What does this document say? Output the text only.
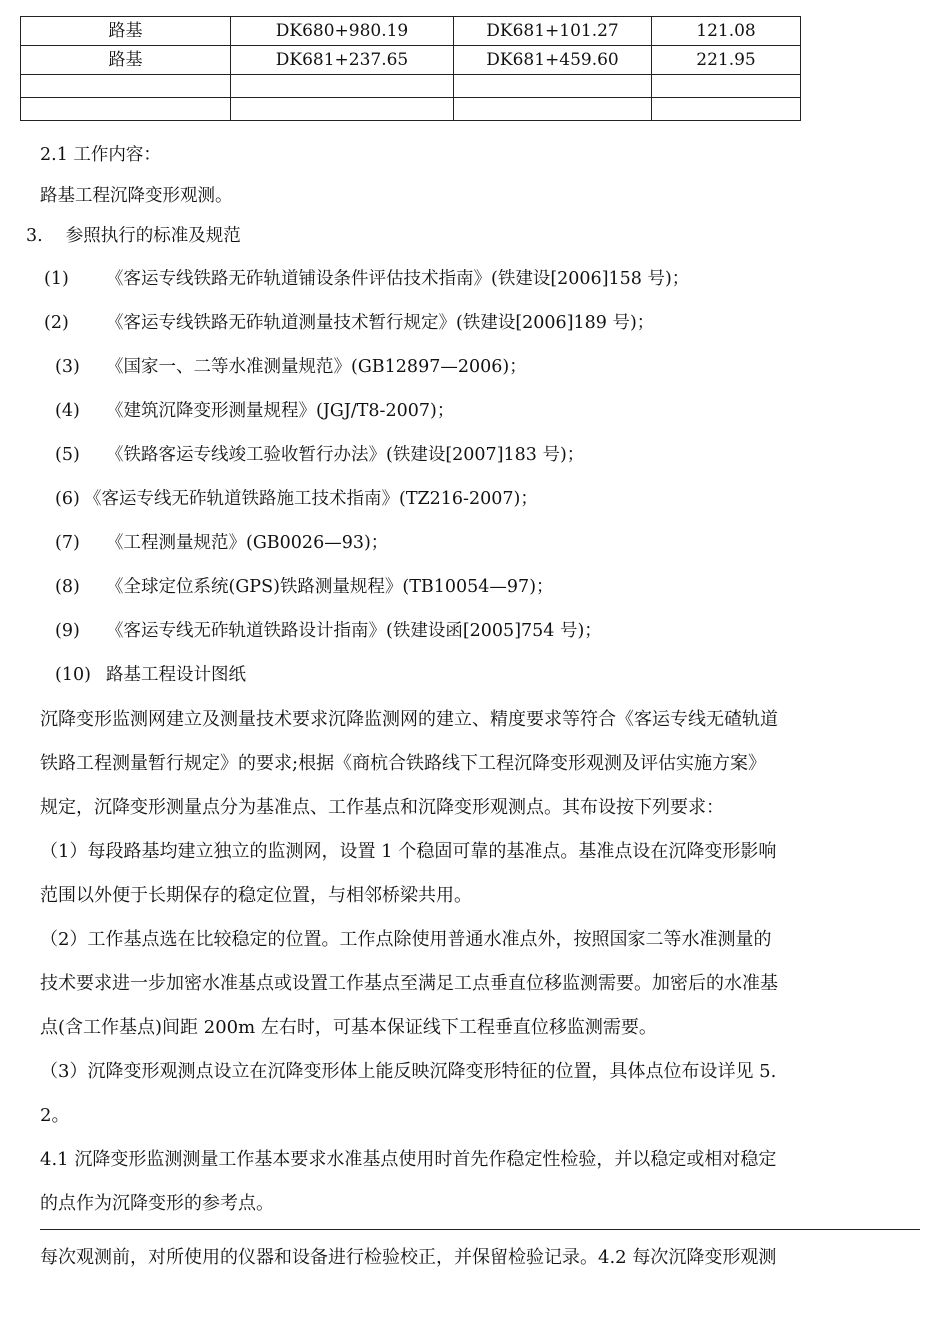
路基	DK680+980.19	DK681+101.27	121.08
路基	DK681+237.65	DK681+459.60	221.95

2.1 工作内容：
路基工程沉降变形观测。
3.　 参照执行的标准及规范
(1) 《客运专线铁路无砟轨道铺设条件评估技术指南》(铁建设[2006]158 号)；
(2) 《客运专线铁路无砟轨道测量技术暂行规定》(铁建设[2006]189 号)；
(3) 《国家一、二等水准测量规范》(GB12897—2006)；
(4) 《建筑沉降变形测量规程》(JGJ/T8-2007)；
(5) 《铁路客运专线竣工验收暂行办法》(铁建设[2007]183 号)；
(6) 《客运专线无砟轨道铁路施工技术指南》(TZ216-2007)；
(7) 《工程测量规范》(GB0026—93)；
(8) 《全球定位系统(GPS)铁路测量规程》(TB10054—97)；
(9) 《客运专线无砟轨道铁路设计指南》(铁建设函[2005]754 号)；
(10) 路基工程设计图纸
沉降变形监测网建立及测量技术要求沉降监测网的建立、精度要求等符合《客运专线无碴轨道
铁路工程测量暂行规定》的要求;根据《商杭合铁路线下工程沉降变形观测及评估实施方案》
规定，沉降变形测量点分为基准点、工作基点和沉降变形观测点。其布设按下列要求：
（1）每段路基均建立独立的监测网，设置 1 个稳固可靠的基准点。基准点设在沉降变形影响
范围以外便于长期保存的稳定位置，与相邻桥梁共用。
（2）工作基点选在比较稳定的位置。工作点除使用普通水准点外，按照国家二等水准测量的
技术要求进一步加密水准基点或设置工作基点至满足工点垂直位移监测需要。加密后的水准基
点(含工作基点)间距 200m 左右时，可基本保证线下工程垂直位移监测需要。
（3）沉降变形观测点设立在沉降变形体上能反映沉降变形特征的位置，具体点位布设详见 5.
2。
4.1 沉降变形监测测量工作基本要求水准基点使用时首先作稳定性检验，并以稳定或相对稳定
的点作为沉降变形的参考点。
每次观测前，对所使用的仪器和设备进行检验校正，并保留检验记录。4.2 每次沉降变形观测
